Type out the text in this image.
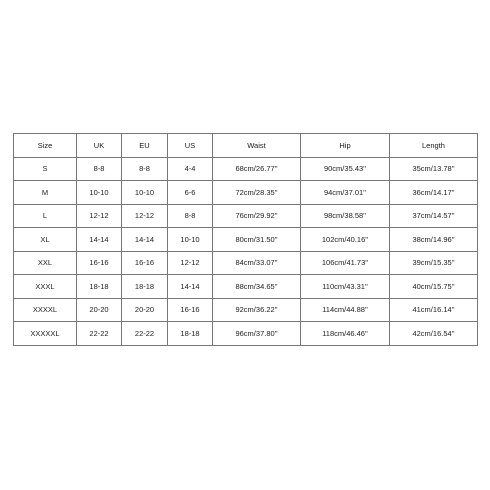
Size	UK	EU	US	Waist	Hip	Length
S	8-8	8-8	4-4	68cm/26.77''	90cm/35.43''	35cm/13.78''
M	10-10	10-10	6-6	72cm/28.35''	94cm/37.01''	36cm/14.17''
L	12-12	12-12	8-8	76cm/29.92''	98cm/38.58''	37cm/14.57''
XL	14-14	14-14	10-10	80cm/31.50''	102cm/40.16''	38cm/14.96''
XXL	16-16	16-16	12-12	84cm/33.07''	106cm/41.73''	39cm/15.35''
XXXL	18-18	18-18	14-14	88cm/34.65''	110cm/43.31''	40cm/15.75''
XXXXL	20-20	20-20	16-16	92cm/36.22''	114cm/44.88''	41cm/16.14''
XXXXXL	22-22	22-22	18-18	96cm/37.80''	118cm/46.46''	42cm/16.54''
